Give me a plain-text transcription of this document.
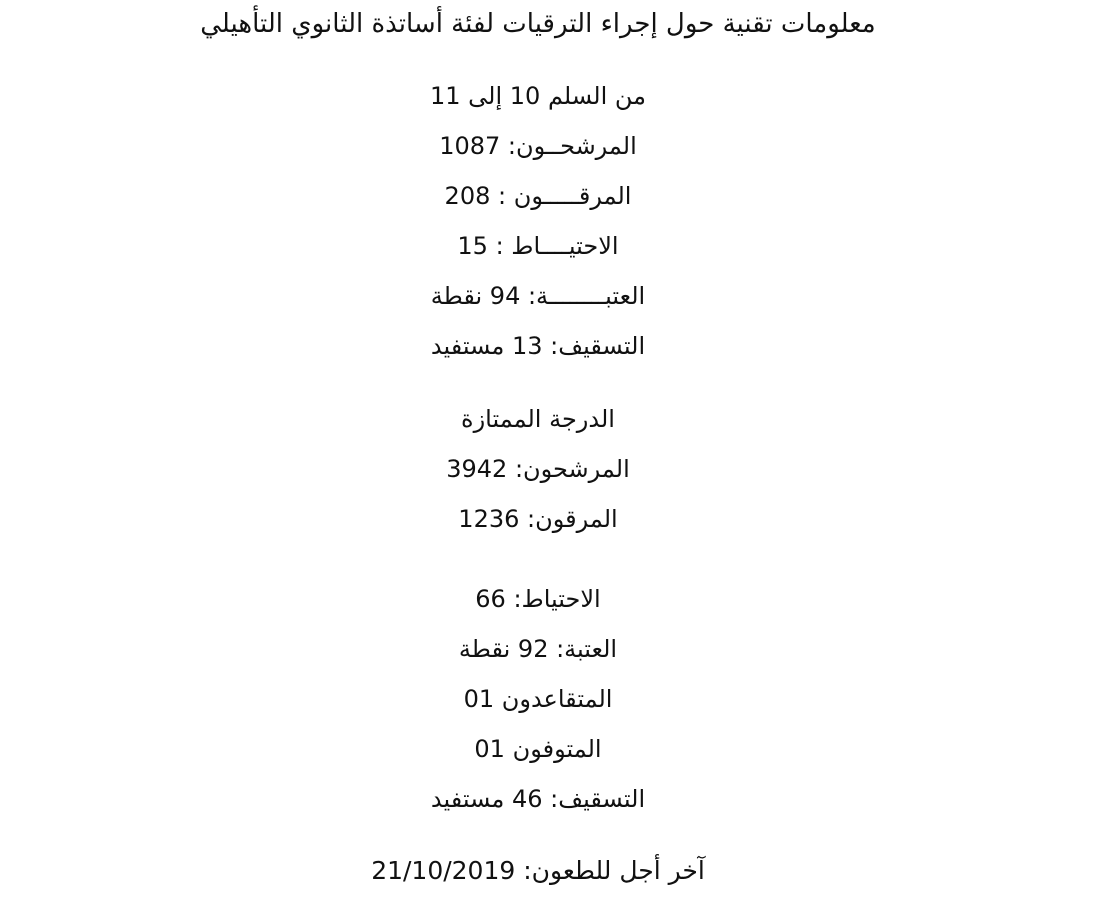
معلومات تقنية حول إجراء الترقيات لفئة أساتذة الثانوي التأهيلي
من السلم 10 إلى 11
المرشحــون: 1087
المرقـــــون : 208
الاحتيــــاط : 15
العتبــــــــة: 94 نقطة
التسقيف: 13 مستفيد
الدرجة الممتازة
المرشحون: 3942
المرقون: 1236
الاحتياط: 66
العتبة: 92 نقطة
المتقاعدون 01
المتوفون 01
التسقيف: 46 مستفيد
آخر أجل للطعون: 21/10/2019
